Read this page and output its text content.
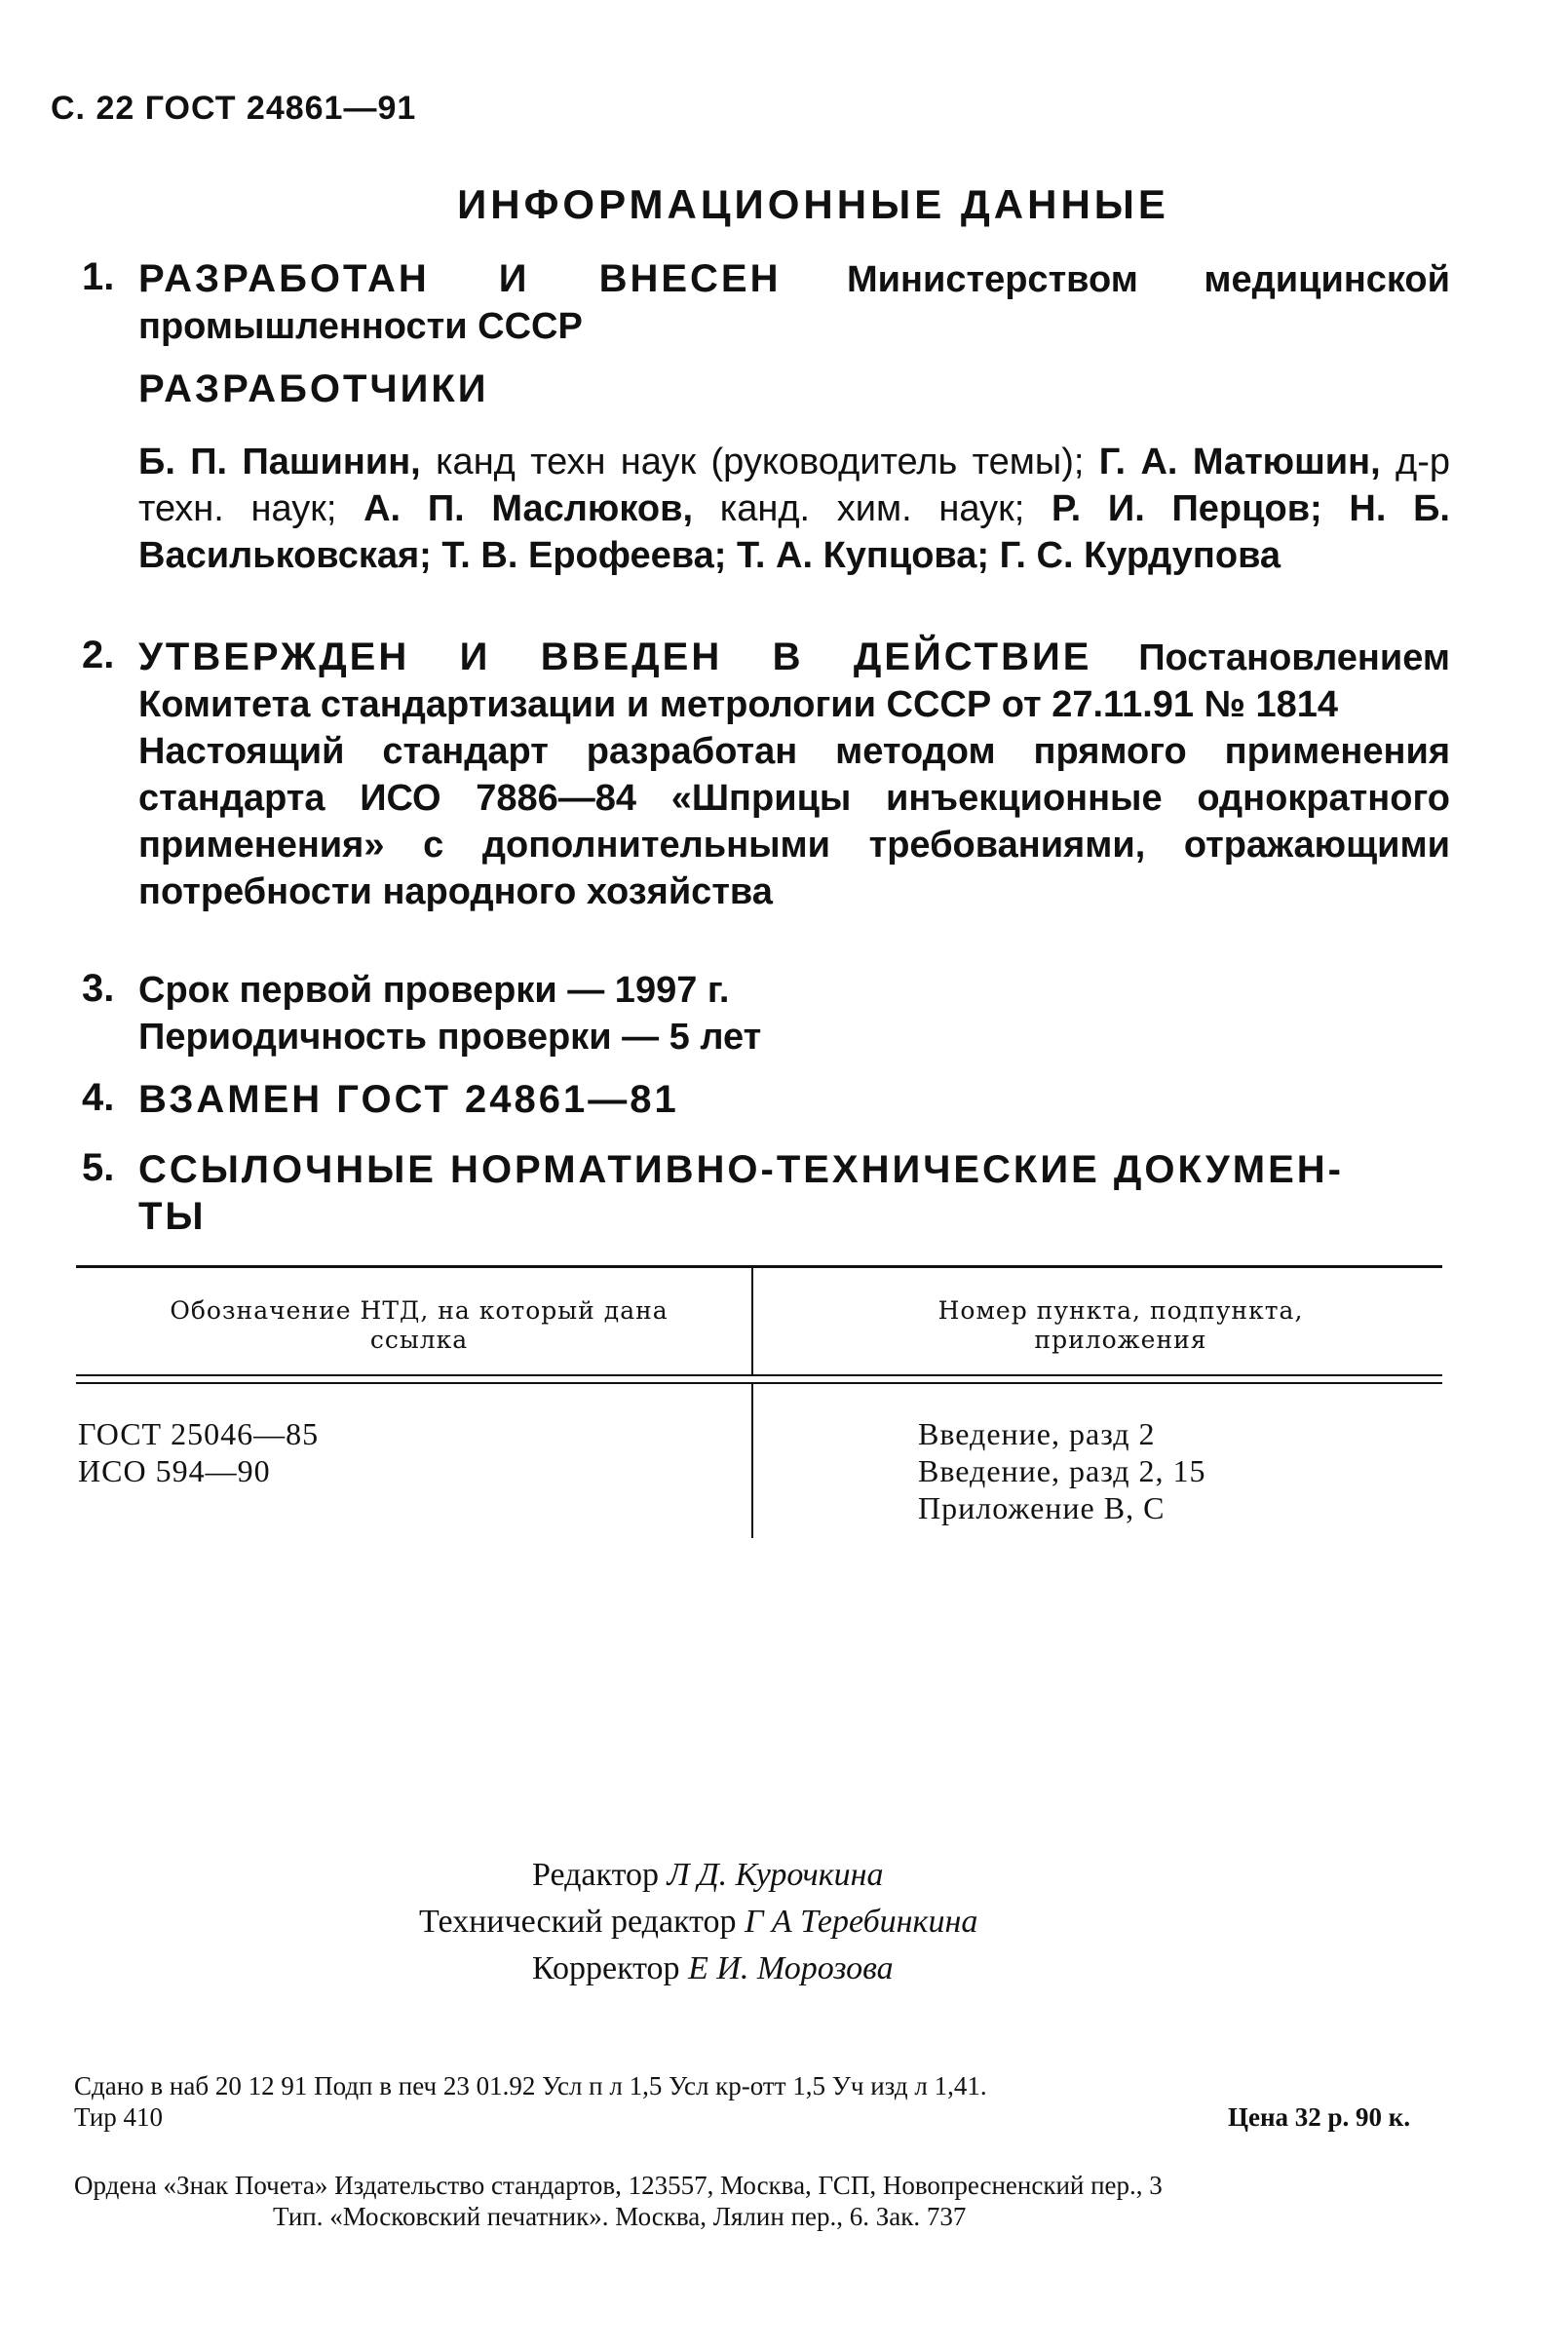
С. 22 ГОСТ 24861—91
ИНФОРМАЦИОННЫЕ ДАННЫЕ
1. РАЗРАБОТАН И ВНЕСЕН Министерством медицинской промышленности СССР
РАЗРАБОТЧИКИ
Б. П. Пашинин, канд техн наук (руководитель темы); Г. А. Матюшин, д-р техн. наук; А. П. Маслюков, канд. хим. наук; Р. И. Перцов; Н. Б. Васильковская; Т. В. Ерофеева; Т. А. Купцова; Г. С. Курдупова
2. УТВЕРЖДЕН И ВВЕДЕН В ДЕЙСТВИЕ Постановлением Комитета стандартизации и метрологии СССР от 27.11.91 № 1814
Настоящий стандарт разработан методом прямого применения стандарта ИСО 7886—84 «Шприцы инъекционные однократного применения» с дополнительными требованиями, отражающими потребности народного хозяйства
3. Срок первой проверки — 1997 г.
Периодичность проверки — 5 лет
4. ВЗАМЕН ГОСТ 24861—81
5. ССЫЛОЧНЫЕ НОРМАТИВНО-ТЕХНИЧЕСКИЕ ДОКУМЕН-
ТЫ
Обозначение НТД, на который дана ссылка
Номер пункта, подпункта, приложения
ГОСТ 25046—85
ИСО 594—90
Введение, разд 2
Введение, разд 2, 15
Приложение В, С
Редактор Л Д. Курочкина
Технический редактор Г А Теребинкина
Корректор Е И. Морозова
Сдано в наб 20 12 91 Подп в печ 23 01.92 Усл п л 1,5 Усл кр-отт 1,5 Уч изд л 1,41.
Тир 410	Цена 32 р. 90 к.
Ордена «Знак Почета» Издательство стандартов, 123557, Москва, ГСП, Новопресненский пер., 3
Тип. «Московский печатник». Москва, Лялин пер., 6. Зак. 737
